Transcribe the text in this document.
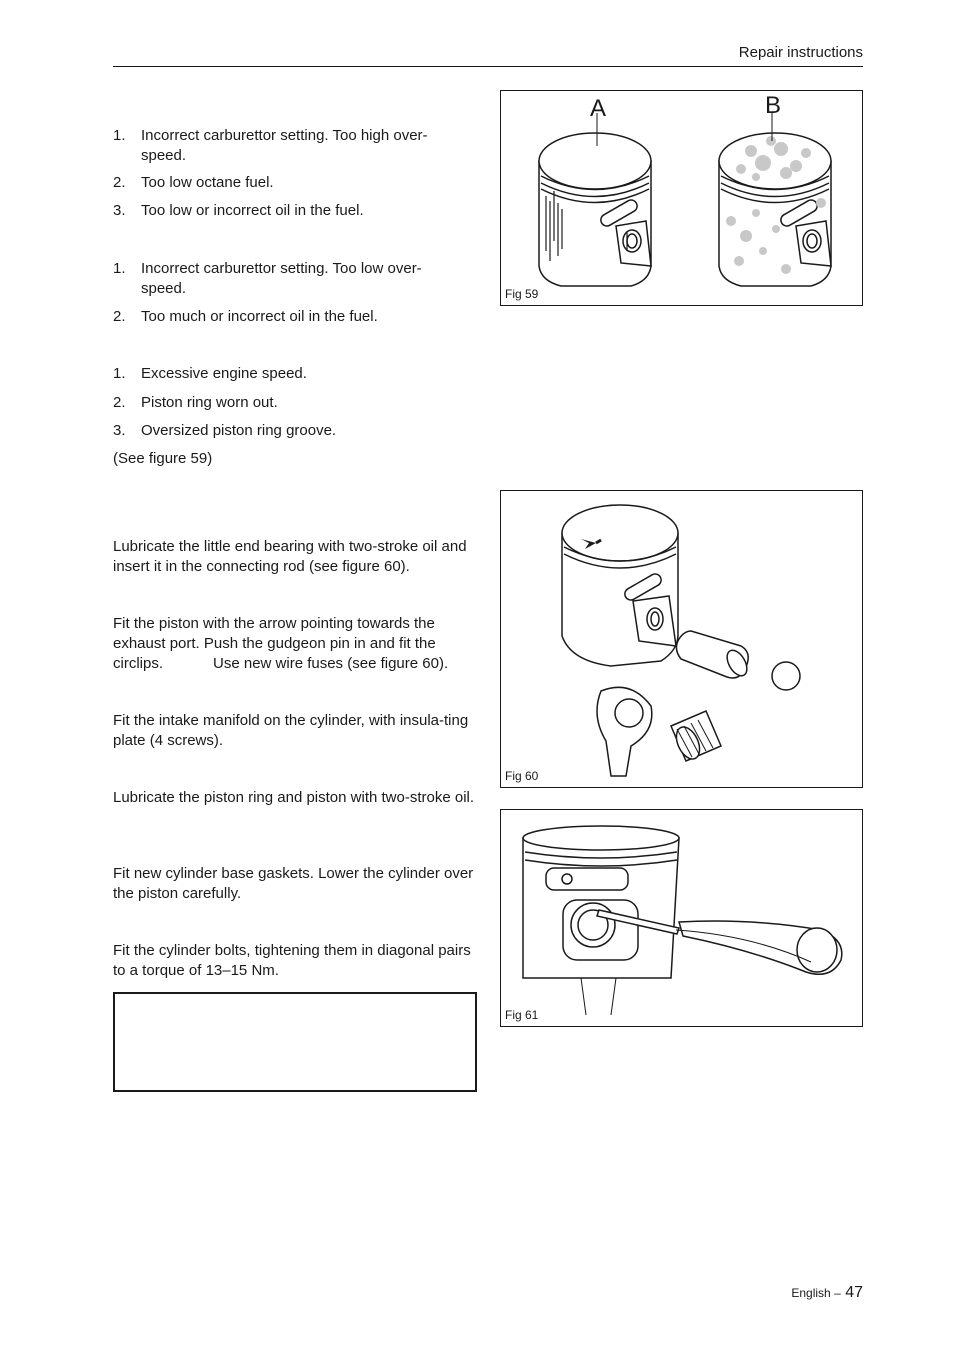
Repair instructions
1. Incorrect carburettor setting. Too high over-speed.
2. Too low octane fuel.
3. Too low or incorrect oil in the fuel.
1. Incorrect carburettor setting. Too low over-speed.
2. Too much or incorrect oil in the fuel.
1. Excessive engine speed.
2. Piston ring worn out.
3. Oversized piston ring groove.
(See figure 59)
Lubricate the little end bearing with two-stroke oil and insert it in the connecting rod (see figure 60).
Fit the piston with the arrow pointing towards the exhaust port. Push the gudgeon pin in and fit the circlips.            Use new wire fuses (see figure 60).
Fit the intake manifold on the cylinder, with insula-ting plate (4 screws).
Lubricate the piston ring and piston with two-stroke oil.
Fit new cylinder base gaskets. Lower the cylinder over the piston carefully.
Fit the cylinder bolts, tightening them in diagonal pairs to a torque of 13–15 Nm.
A	B
Fig 59
Fig 60
Fig 61
English – 47
